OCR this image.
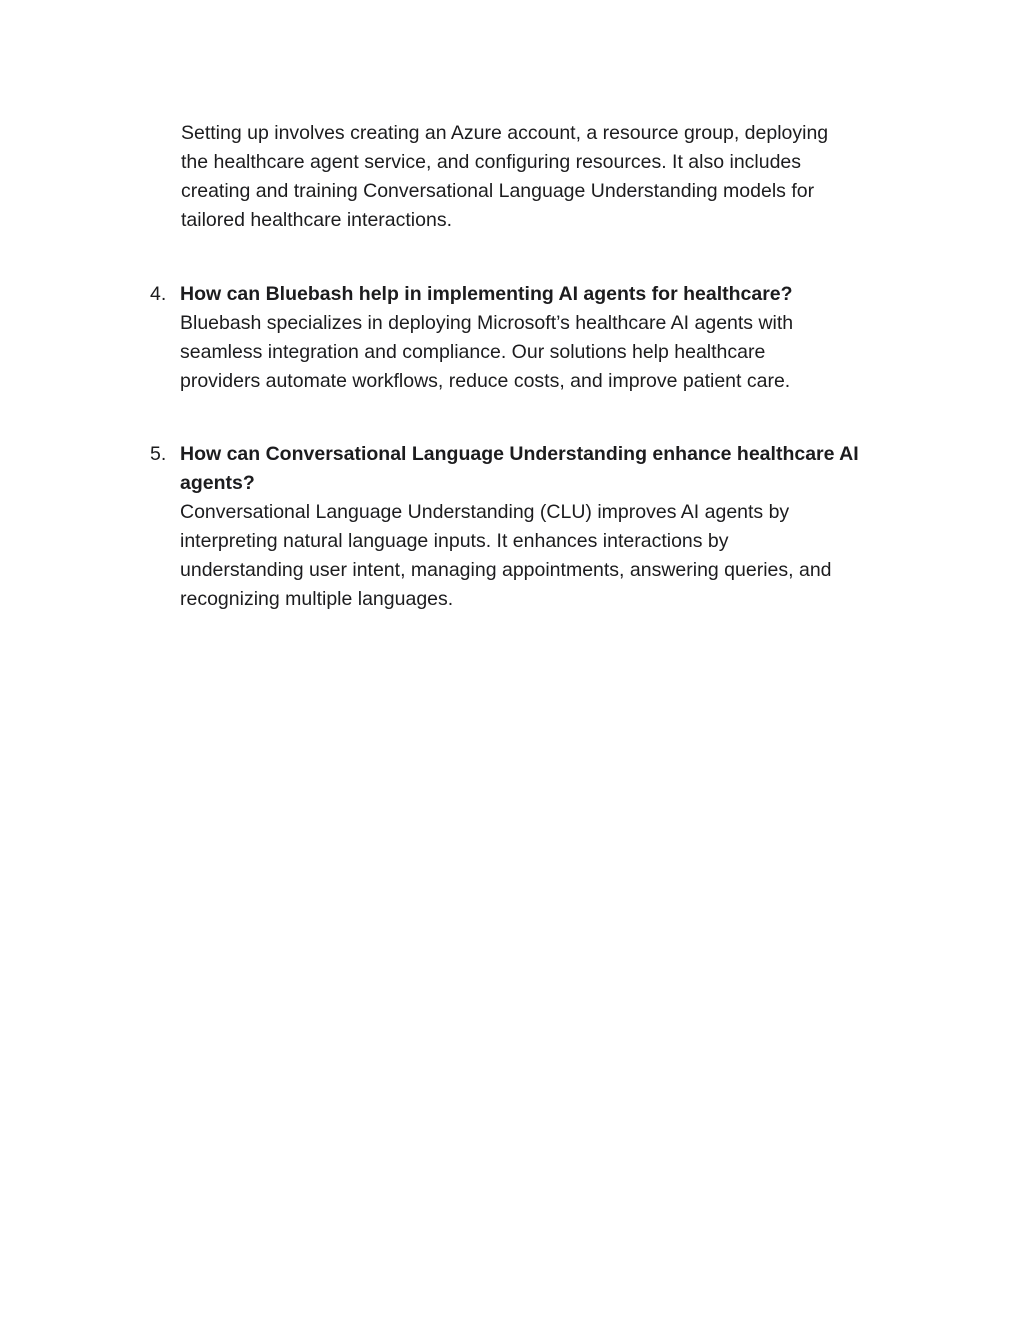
Setting up involves creating an Azure account, a resource group, deploying
the healthcare agent service, and configuring resources. It also includes
creating and training Conversational Language Understanding models for
tailored healthcare interactions.

4. How can Bluebash help in implementing AI agents for healthcare?

Bluebash specializes in deploying Microsoft’s healthcare AI agents with
seamless integration and compliance. Our solutions help healthcare
providers automate workflows, reduce costs, and improve patient care.

5. How can Conversational Language Understanding enhance healthcare AI
agents?

Conversational Language Understanding (CLU) improves AI agents by
interpreting natural language inputs. It enhances interactions by
understanding user intent, managing appointments, answering queries, and
recognizing multiple languages.
